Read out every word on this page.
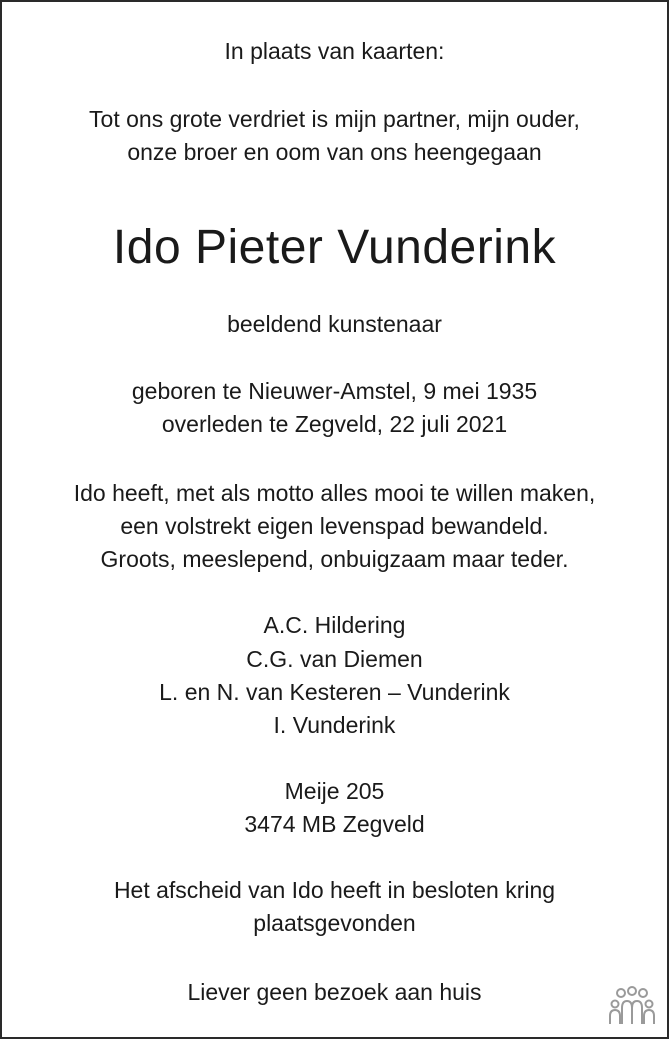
In plaats van kaarten:
Tot ons grote verdriet is mijn partner, mijn ouder,
onze broer en oom van ons heengegaan
Ido Pieter Vunderink
beeldend kunstenaar
geboren te Nieuwer-Amstel, 9 mei 1935
overleden te Zegveld, 22 juli 2021
Ido heeft, met als motto alles mooi te willen maken,
een volstrekt eigen levenspad bewandeld.
Groots, meeslepend, onbuigzaam maar teder.
A.C. Hildering
C.G. van Diemen
L. en N. van Kesteren – Vunderink
I. Vunderink
Meije 205
3474 MB Zegveld
Het afscheid van Ido heeft in besloten kring
plaatsgevonden
Liever geen bezoek aan huis
